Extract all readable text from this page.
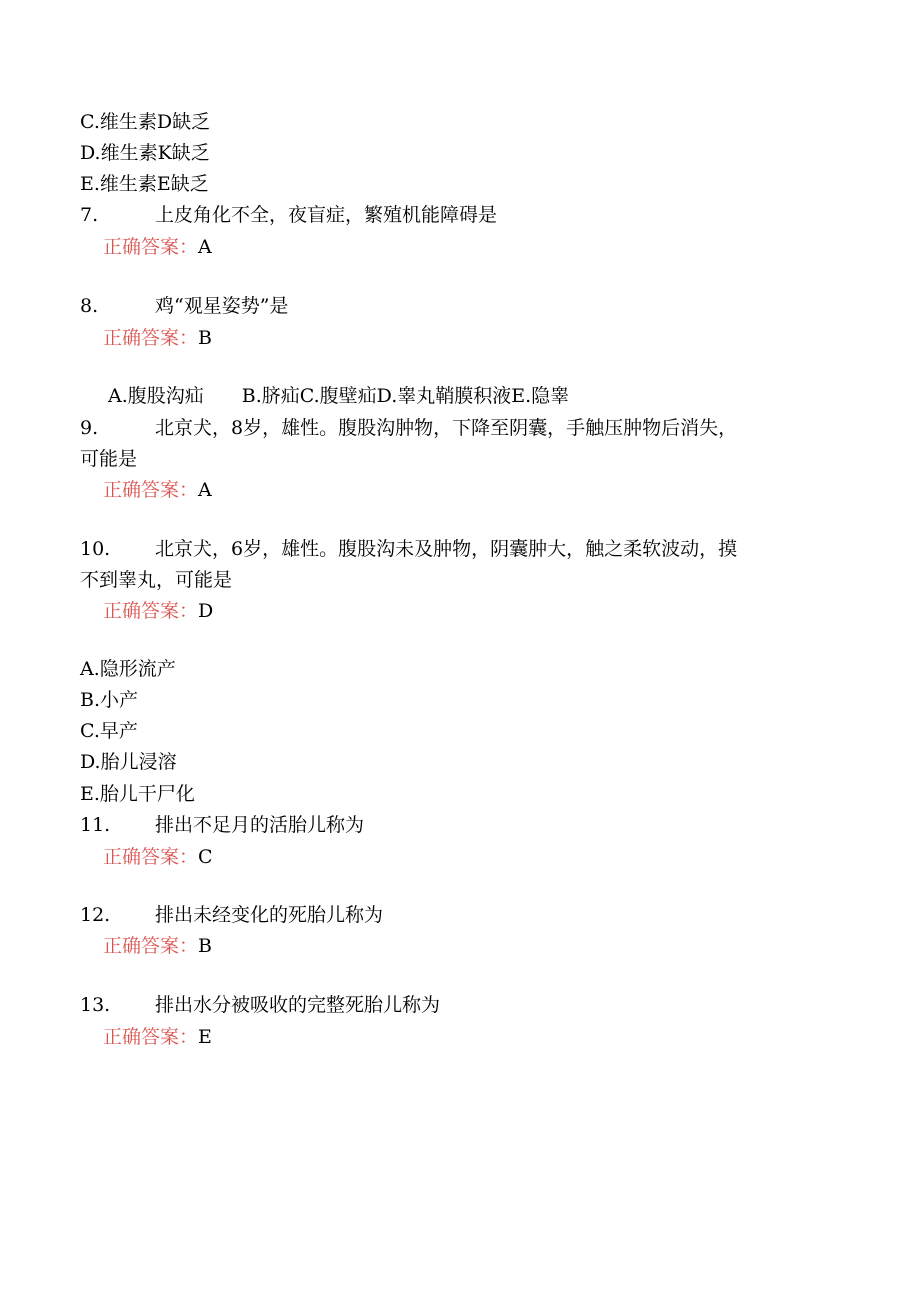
C.维生素D缺乏
D.维生素K缺乏
E.维生素E缺乏
7.	上皮角化不全，夜盲症，繁殖机能障碍是
正确答案：A
8.	鸡“观星姿势”是
正确答案：B
A.腹股沟疝　　B.脐疝C.腹壁疝D.睾丸鞘膜积液E.隐睾
9.	北京犬，8岁，雄性。腹股沟肿物，下降至阴囊，手触压肿物后消失，
可能是
正确答案：A
10. 北京犬，6岁，雄性。腹股沟未及肿物，阴囊肿大，触之柔软波动，摸
不到睾丸，可能是
正确答案：D
A.隐形流产
B.小产
C.早产
D.胎儿浸溶
E.胎儿干尸化
11. 排出不足月的活胎儿称为
正确答案：C
12. 排出未经变化的死胎儿称为
正确答案：B
13. 排出水分被吸收的完整死胎儿称为
正确答案：E
